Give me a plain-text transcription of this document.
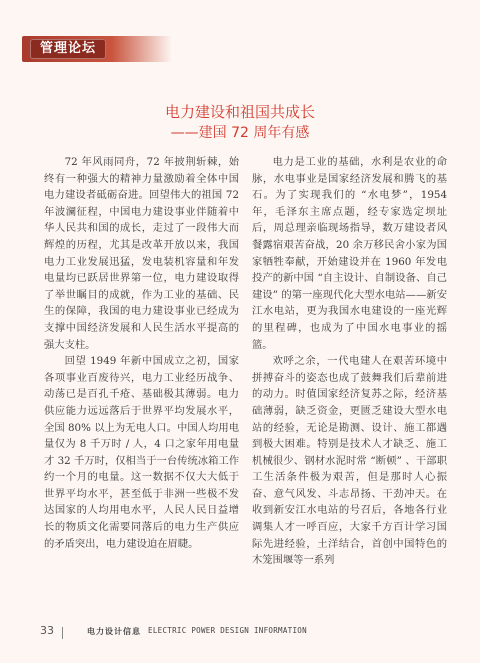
管理论坛
电力建设和祖国共成长
——建国 72 周年有感

72 年风雨同舟，72 年披荆斩棘，始终有一种强大的精神力量激励着全体中国电力建设者砥砺奋进。回望伟大的祖国 72 年波澜征程，中国电力建设事业伴随着中华人民共和国的成长，走过了一段伟大而辉煌的历程，尤其是改革开放以来，我国电力工业发展迅猛，发电装机容量和年发电量均已跃居世界第一位，电力建设取得了举世瞩目的成就，作为工业的基础、民生的保障，我国的电力建设事业已经成为支撑中国经济发展和人民生活水平提高的强大支柱。

回望 1949 年新中国成立之初，国家各项事业百废待兴，电力工业经历战争、动荡已是百孔千疮、基础极其薄弱。电力供应能力远远落后于世界平均发展水平，全国 80% 以上为无电人口。中国人均用电量仅为 8 千万时 / 人，4 口之家年用电量才 32 千万时，仅相当于一台传统冰箱工作约一个月的电量。这一数据不仅大大低于世界平均水平，甚至低于非洲一些极不发达国家的人均用电水平，人民人民日益增长的物质文化需要同落后的电力生产供应的矛盾突出，电力建设迫在眉睫。

电力是工业的基础，水利是农业的命脉，水电事业是国家经济发展和腾飞的基石。为了实现我们的 “水电梦”，1954 年，毛泽东主席点题，经专家选定坝址后，周总理亲临现场指导，数万建设者风餐露宿艰苦奋战，20 余万移民舍小家为国家牺牲奉献，开始建设并在 1960 年发电投产的新中国 “自主设计、自制设备、自己建设” 的第一座现代化大型水电站——新安江水电站，更为我国水电建设的一座光辉的里程碑，也成为了中国水电事业的摇篮。

欢呼之余，一代电建人在艰苦环境中拼搏奋斗的姿态也成了鼓舞我们后辈前进的动力。时值国家经济复苏之际，经济基础薄弱，缺乏资金，更匮乏建设大型水电站的经验，无论是勘测、设计、施工都遇到极大困难。特别是技术人才缺乏、施工机械很少、钢材水泥时常 “断顿” 、干部职工生活条件极为艰苦，但是那时人心振奋、意气风发、斗志昂扬、干劲冲天。在收到新安江水电站的号召后，各地各行业调集人才一呼百应，大家千方百计学习国际先进经验，土洋结合，首创中国特色的木笼围堰等一系列

33	电力设计信息 ELECTRIC POWER DESIGN INFORMATION
